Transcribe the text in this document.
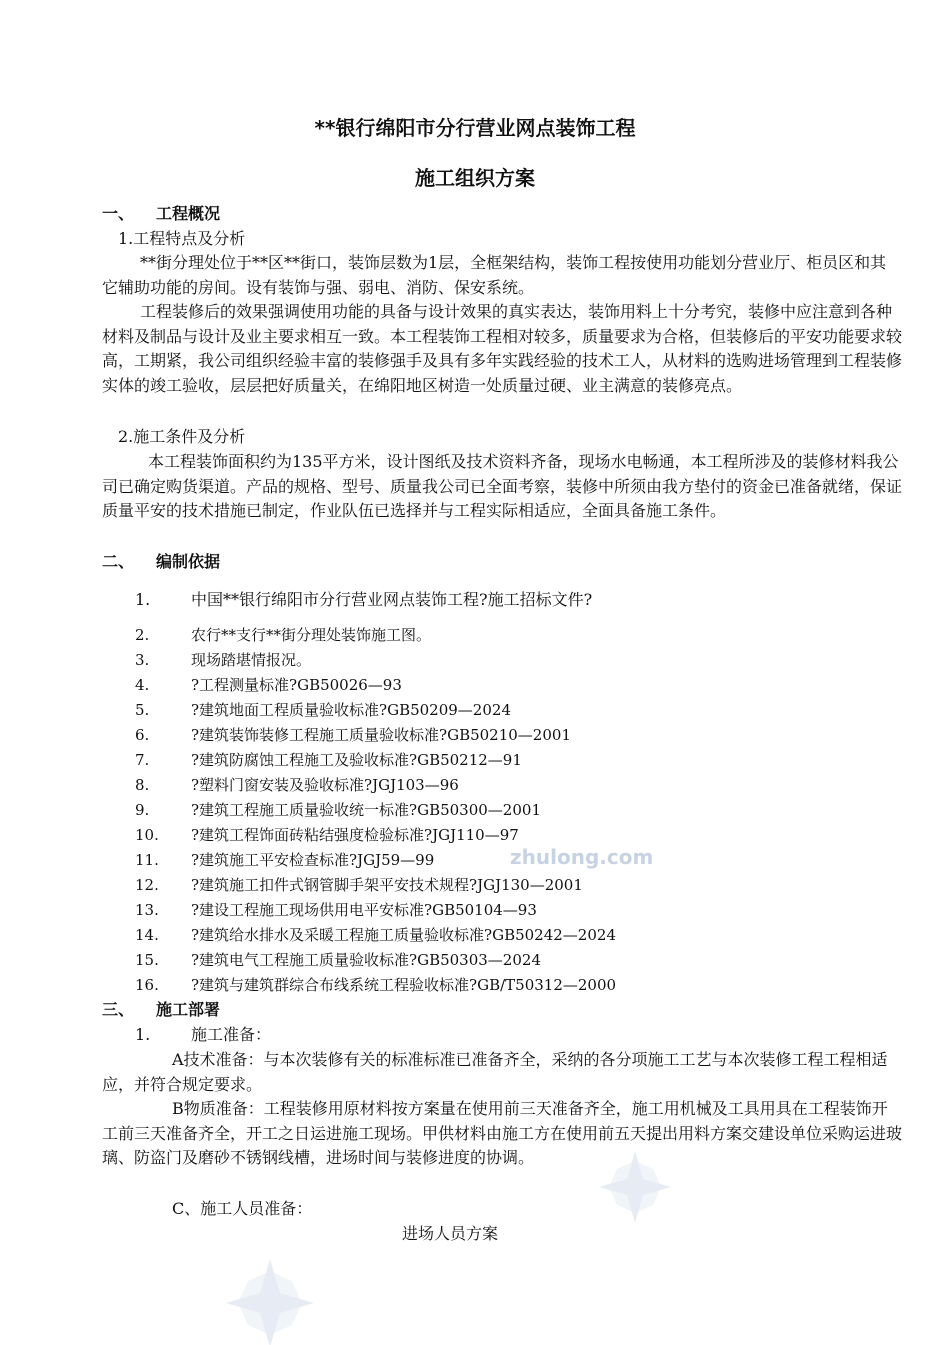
zhulong.com
**银行绵阳市分行营业网点装饰工程
施工组织方案
一、 工程概况
1.工程特点及分析
**街分理处位于**区**街口，装饰层数为1层，全框架结构，装饰工程按使用功能划分营业厅、柜员区和其它辅助功能的房间。设有装饰与强、弱电、消防、保安系统。
工程装修后的效果强调使用功能的具备与设计效果的真实表达，装饰用料上十分考究，装修中应注意到各种材料及制品与设计及业主要求相互一致。本工程装饰工程相对较多，质量要求为合格，但装修后的平安功能要求较高，工期紧，我公司组织经验丰富的装修强手及具有多年实践经验的技术工人，从材料的选购进场管理到工程装修实体的竣工验收，层层把好质量关，在绵阳地区树造一处质量过硬、业主满意的装修亮点。
2.施工条件及分析
本工程装饰面积约为135平方米，设计图纸及技术资料齐备，现场水电畅通，本工程所涉及的装修材料我公司已确定购货渠道。产品的规格、型号、质量我公司已全面考察，装修中所须由我方垫付的资金已准备就绪，保证质量平安的技术措施已制定，作业队伍已选择并与工程实际相适应，全面具备施工条件。
二、 编制依据
1.	中国**银行绵阳市分行营业网点装饰工程?施工招标文件?
2.	农行**支行**街分理处装饰施工图。
3.	现场踏堪情报况。
4.	?工程测量标准?GB50026—93
5.	?建筑地面工程质量验收标准?GB50209—2024
6.	?建筑装饰装修工程施工质量验收标准?GB50210—2001
7.	?建筑防腐蚀工程施工及验收标准?GB50212—91
8.	?塑料门窗安装及验收标准?JGJ103—96
9.	?建筑工程施工质量验收统一标准?GB50300—2001
10. ?建筑工程饰面砖粘结强度检验标准?JGJ110—97
11. ?建筑施工平安检查标准?JGJ59—99
12. ?建筑施工扣件式钢管脚手架平安技术规程?JGJ130—2001
13. ?建设工程施工现场供用电平安标准?GB50104—93
14. ?建筑给水排水及采暖工程施工质量验收标准?GB50242—2024
15. ?建筑电气工程施工质量验收标准?GB50303—2024
16. ?建筑与建筑群综合布线系统工程验收标准?GB/T50312—2000
三、 施工部署
1.	施工准备：
A技术准备：与本次装修有关的标准标准已准备齐全，采纳的各分项施工工艺与本次装修工程工程相适应，并符合规定要求。
B物质准备：工程装修用原材料按方案量在使用前三天准备齐全，施工用机械及工具用具在工程装饰开工前三天准备齐全，开工之日运进施工现场。甲供材料由施工方在使用前五天提出用料方案交建设单位采购运进玻璃、防盗门及磨砂不锈钢线槽，进场时间与装修进度的协调。
C、施工人员准备：
进场人员方案
